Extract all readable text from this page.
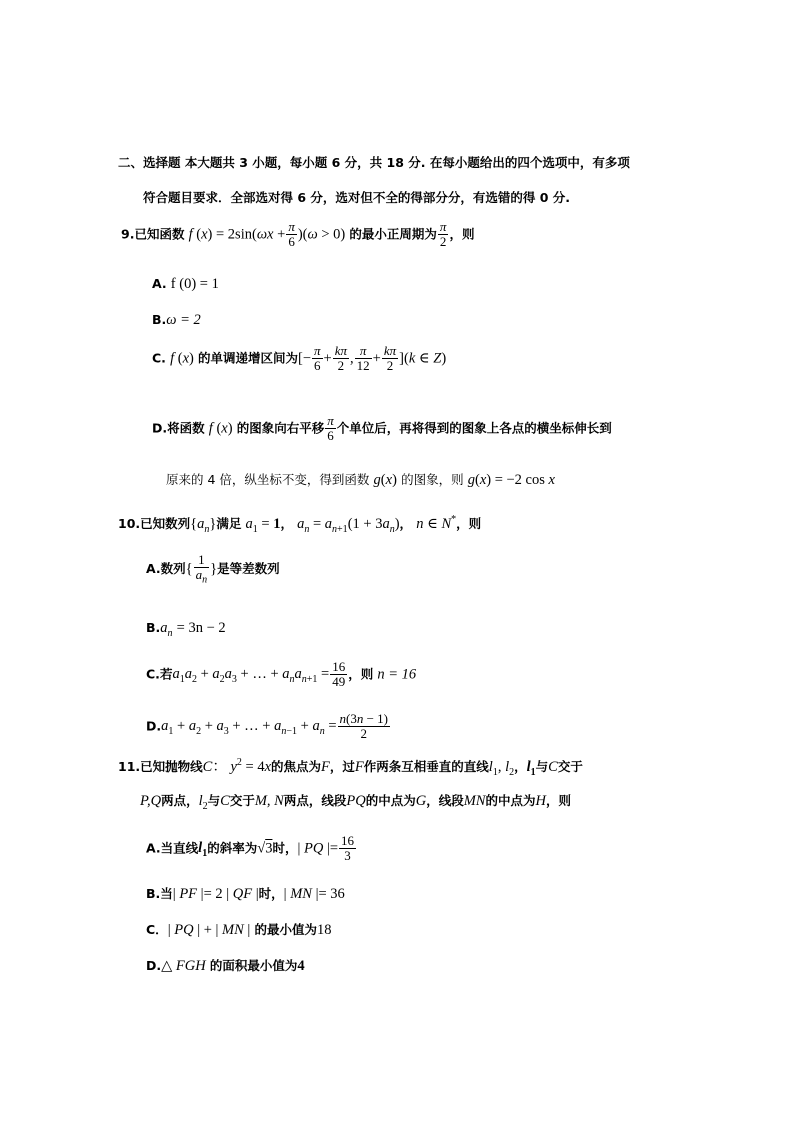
二、选择题 本大题共 3 小题，每小题 6 分，共 18 分. 在每小题给出的四个选项中，有多项
符合题目要求．全部选对得 6 分，选对但不全的得部分分，有选错的得 0 分.
9.已知函数 f $(x) = 2\sin(\omega x + \frac{\pi}{6} )(\omega > 0)$ 的最小正周期为 $\frac{\pi}{2}$ ，则
A. f (0) = 1
B.ω = 2
C. f (x) 的单调递增区间为[− $\frac{\pi}{6} + \frac{k\pi}{2}$ , $\frac{\pi}{12} + \frac{k\pi}{2} ](k$ ∈ Z)
D.将函数 f (x) 的图象向右平移 $\frac{\pi}{6}$ 个单位后，再将得到的图象上各点的横坐标伸长到
原来的 4 倍，纵坐标不变，得到函数 g(x) 的图象，则 g(x) = −2 cos x
10.已知数列$\{a_n\}$满足 $a_1 = 1$， $a_n = a_{n+1}(1 + 3a_n)$， n ∈ N*，则
A.数列{ $\frac{1}{a_n}$ }是等差数列
$B.a_n = 3n - 2$
C.若$a_1a_2 + a_2a_3$ + … + $a_na_{n+1} = \frac{16}{49}$ ，则 n = 16
$D.a_1 + a_2 + a_3$ + … + $a_{n-1} + a_n = \frac{n(3n - 1)}{2}$
11.已知抛物线C： $y^2 = 4x$的焦点为F，过F作两条互相垂直的直线$l_1$, $l_2$，$l_1$与C交于
P,Q两点，$l_2$与C交于M, N两点，线段PQ的中点为G，线段MN的中点为H，则
A.当直线$l_1$的斜率为√3时，| PQ |= $\frac{16}{3}$
B.当| PF |= 2 | QF |时，| MN |= 36
C．| PQ | + | MN | 的最小值为18
D.△ FGH 的面积最小值为4
